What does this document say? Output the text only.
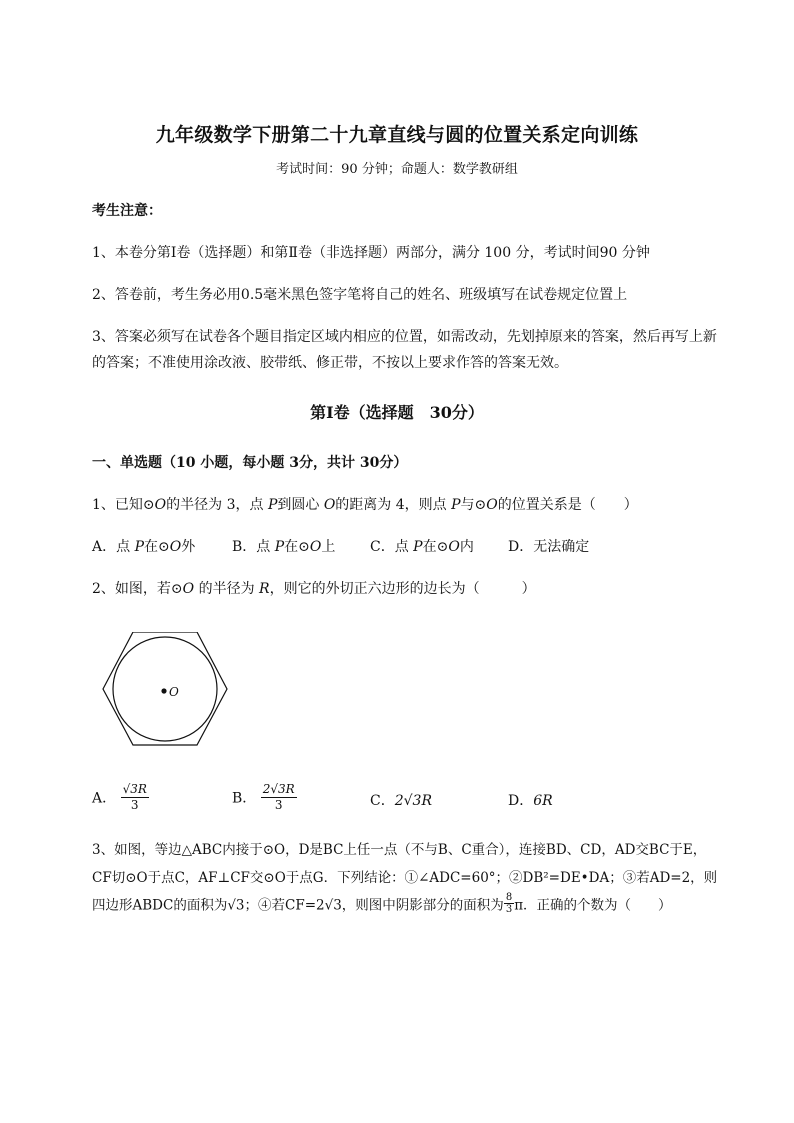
九年级数学下册第二十九章直线与圆的位置关系定向训练
考试时间：90 分钟；命题人：数学教研组
考生注意：
1、本卷分第Ⅰ卷（选择题）和第Ⅱ卷（非选择题）两部分，满分 100 分，考试时间90 分钟
2、答卷前，考生务必用0.5毫米黑色签字笔将自己的姓名、班级填写在试卷规定位置上
3、答案必须写在试卷各个题目指定区域内相应的位置，如需改动，先划掉原来的答案，然后再写上新
的答案；不准使用涂改液、胶带纸、修正带，不按以上要求作答的答案无效。
第Ⅰ卷（选择题　30分）
一、单选题（10 小题，每小题 3分，共计 30分）
1、已知⊙O的半径为 3，点 P到圆心 O的距离为 4，则点 P与⊙O的位置关系是（　　）
A．点 P在⊙O外	B．点 P在⊙O上 C．点 P在⊙O内 D．无法确定
2、如图，若⊙O 的半径为 R，则它的外切正六边形的边长为（　　　）
O
A． $\frac{√3R}{3}$	B． $\frac{2√3R}{3}$	C．2√3R	D．6R
3、如图，等边△ABC内接于⊙O，D是BC上任一点（不与B、C重合），连接BD、CD，AD交BC于E，
CF切⊙O于点C，AF⊥CF交⊙O于点G．下列结论：①∠ADC=60°；②DB²=DE•DA；③若AD=2，则
四边形ABDC的面积为√3；④若CF=2√3，则图中阴影部分的面积为 $\frac{8}{3}$ π．正确的个数为（　　）
